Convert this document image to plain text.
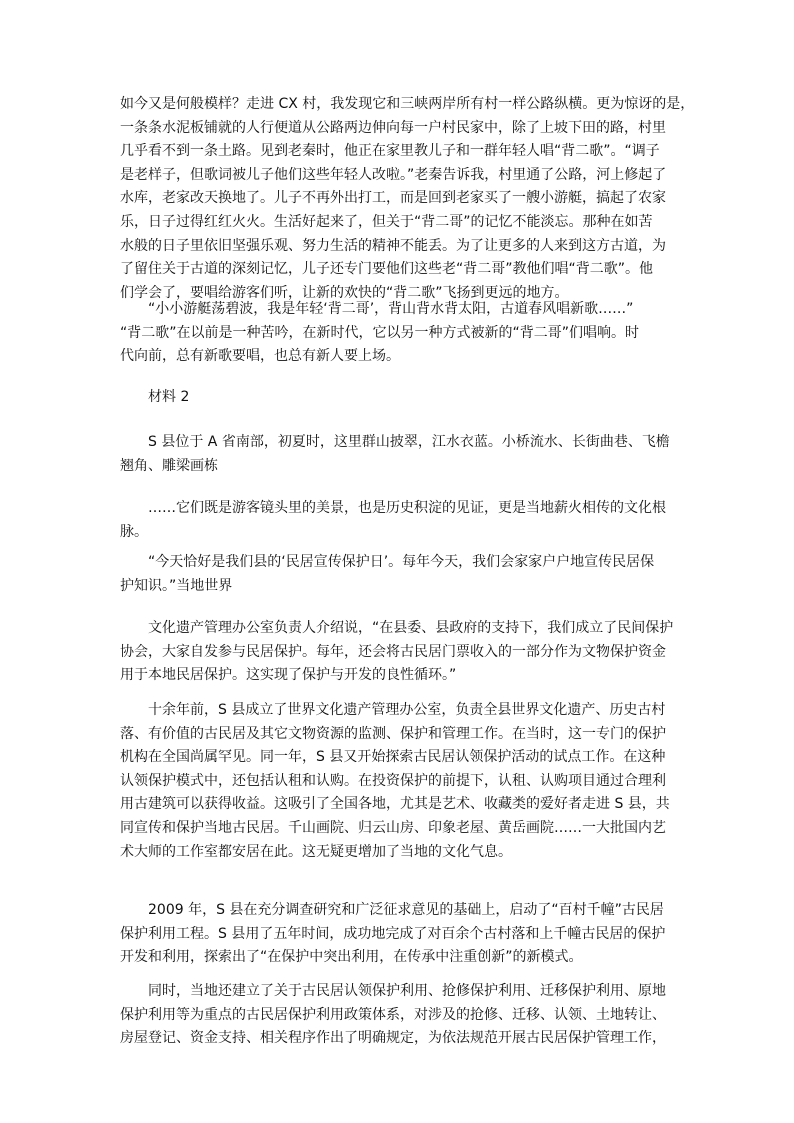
如今又是何般模样？走进 CX 村，我发现它和三峡两岸所有村一样公路纵横。更为惊讶的是，
一条条水泥板铺就的人行便道从公路两边伸向每一户村民家中，除了上坡下田的路，村里
几乎看不到一条土路。见到老秦时，他正在家里教儿子和一群年轻人唱“背二歌”。“调子
是老样子，但歌词被儿子他们这些年轻人改啦。”老秦告诉我，村里通了公路，河上修起了
水库，老家改天换地了。儿子不再外出打工，而是回到老家买了一艘小游艇，搞起了农家
乐，日子过得红红火火。生活好起来了，但关于“背二哥”的记忆不能淡忘。那种在如苦
水般的日子里依旧坚强乐观、努力生活的精神不能丢。为了让更多的人来到这方古道，为
了留住关于古道的深刻记忆，儿子还专门要他们这些老“背二哥”教他们唱“背二歌”。他
们学会了，要唱给游客们听，让新的欢快的“背二歌”飞扬到更远的地方。
“小小游艇荡碧波，我是年轻‘背二哥’，背山背水背太阳，古道春风唱新歌……”
“背二歌”在以前是一种苦吟，在新时代，它以另一种方式被新的“背二哥”们唱响。时
代向前，总有新歌要唱，也总有新人要上场。
材料 2
S 县位于 A 省南部，初夏时，这里群山披翠，江水衣蓝。小桥流水、长街曲巷、飞檐
翘角、雕梁画栋
……它们既是游客镜头里的美景，也是历史积淀的见证，更是当地薪火相传的文化根
脉。
“今天恰好是我们县的‘民居宣传保护日’。每年今天，我们会家家户户地宣传民居保
护知识。”当地世界
文化遗产管理办公室负责人介绍说，“在县委、县政府的支持下，我们成立了民间保护
协会，大家自发参与民居保护。每年，还会将古民居门票收入的一部分作为文物保护资金
用于本地民居保护。这实现了保护与开发的良性循环。”
十余年前，S 县成立了世界文化遗产管理办公室，负责全县世界文化遗产、历史古村
落、有价值的古民居及其它文物资源的监测、保护和管理工作。在当时，这一专门的保护
机构在全国尚属罕见。同一年，S 县又开始探索古民居认领保护活动的试点工作。在这种
认领保护模式中，还包括认租和认购。在投资保护的前提下，认租、认购项目通过合理利
用古建筑可以获得收益。这吸引了全国各地，尤其是艺术、收藏类的爱好者走进 S 县，共
同宣传和保护当地古民居。千山画院、归云山房、印象老屋、黄岳画院……一大批国内艺
术大师的工作室都安居在此。这无疑更增加了当地的文化气息。
2009 年，S 县在充分调查研究和广泛征求意见的基础上，启动了“百村千幢”古民居
保护利用工程。S 县用了五年时间，成功地完成了对百余个古村落和上千幢古民居的保护
开发和利用，探索出了“在保护中突出利用，在传承中注重创新”的新模式。
同时，当地还建立了关于古民居认领保护利用、抢修保护利用、迁移保护利用、原地
保护利用等为重点的古民居保护利用政策体系，对涉及的抢修、迁移、认领、土地转让、
房屋登记、资金支持、相关程序作出了明确规定，为依法规范开展古民居保护管理工作，
